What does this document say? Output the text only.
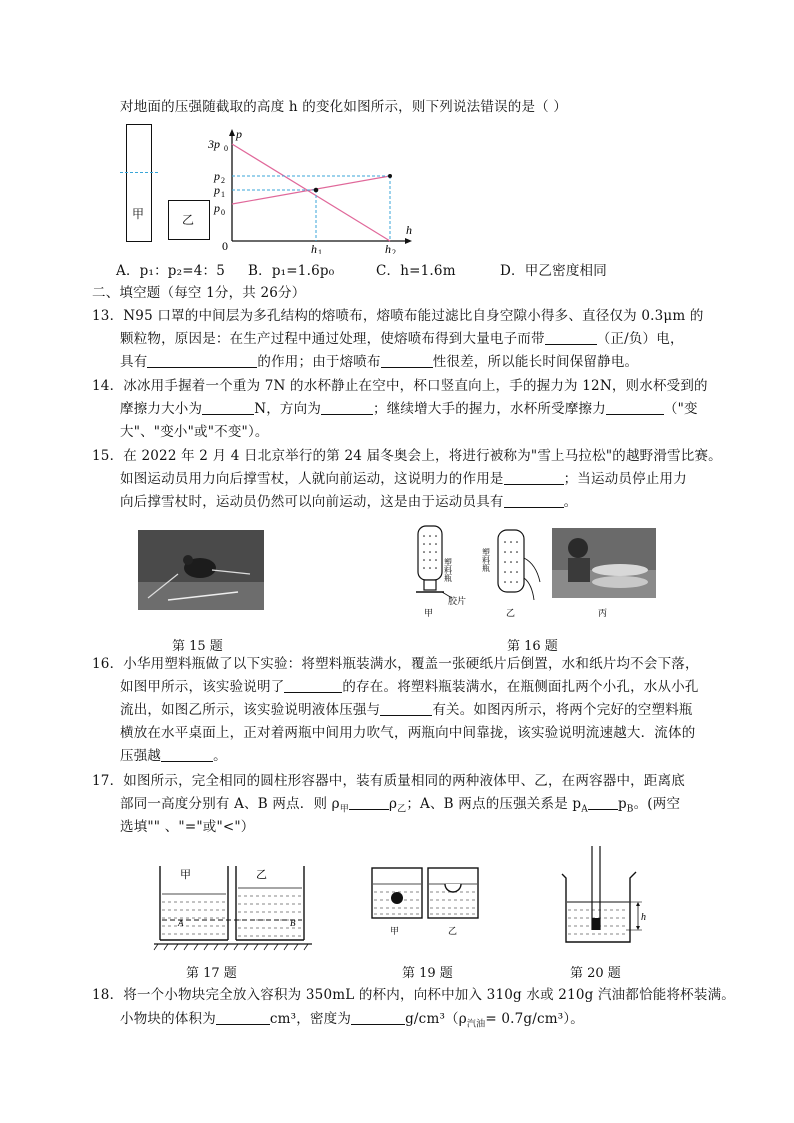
对地面的压强随截取的高度 h 的变化如图所示，则下列说法错误的是（ ）
甲	乙
p
h
3p 0
p 2
p 1
p 0
0	h 1	h 2
A．p₁：p₂=4：5 B．p₁=1.6p₀	C．h=1.6m	D．甲乙密度相同
二、填空题（每空 1分，共 26分）
13．N95 口罩的中间层为多孔结构的熔喷布，熔喷布能过滤比自身空隙小得多、直径仅为 0.3μm 的
颗粒物，原因是：在生产过程中通过处理，使熔喷布得到大量电子而带	（正/负）电，
具有	的作用；由于熔喷布	性很差，所以能长时间保留静电。
14．冰冰用手握着一个重为 7N 的水杯静止在空中，杯口竖直向上，手的握力为 12N，则水杯受到的
摩擦力大小为	N，方向为	；继续增大手的握力，水杯所受摩擦力	（"变
大"、"变小"或"不变"）。
15．在 2022 年 2 月 4 日北京举行的第 24 届冬奥会上，将进行被称为"雪上马拉松"的越野滑雪比赛。
如图运动员用力向后撑雪杖，人就向前运动，这说明力的作用是	；当运动员停止用力
向后撑雪杖时，运动员仍然可以向前运动，这是由于运动员具有	。
第 15 题
塑料瓶
胶片
甲
塑料瓶
乙	丙
第 16 题
16．小华用塑料瓶做了以下实验：将塑料瓶装满水，覆盖一张硬纸片后倒置，水和纸片均不会下落，
如图甲所示，该实验说明了	的存在。将塑料瓶装满水，在瓶侧面扎两个小孔，水从小孔
流出，如图乙所示，该实验说明液体压强与	有关。如图丙所示，将两个完好的空塑料瓶
横放在水平桌面上，正对着两瓶中间用力吹气，两瓶向中间靠拢，该实验说明流速越大．流体的
压强越	。
17．如图所示，完全相同的圆柱形容器中，装有质量相同的两种液体甲、乙，在两容器中，距离底
部同一高度分别有 A、B 两点．则 $\rho_甲$	$\rho_乙$；A、B 两点的压强关系是 $p_A$ $p_B$。(两空
选填"" 、"="或"<"）
A	B
甲	乙
第 17 题
甲	乙
第 19 题
h
第 20 题
18．将一个小物块完全放入容积为 350mL 的杯内，向杯中加入 310g 水或 210g 汽油都恰能将杯装满。
小物块的体积为	cm³，密度为	$g/cm^3(\rho_{汽油}= 0.7g/cm^3)$。
